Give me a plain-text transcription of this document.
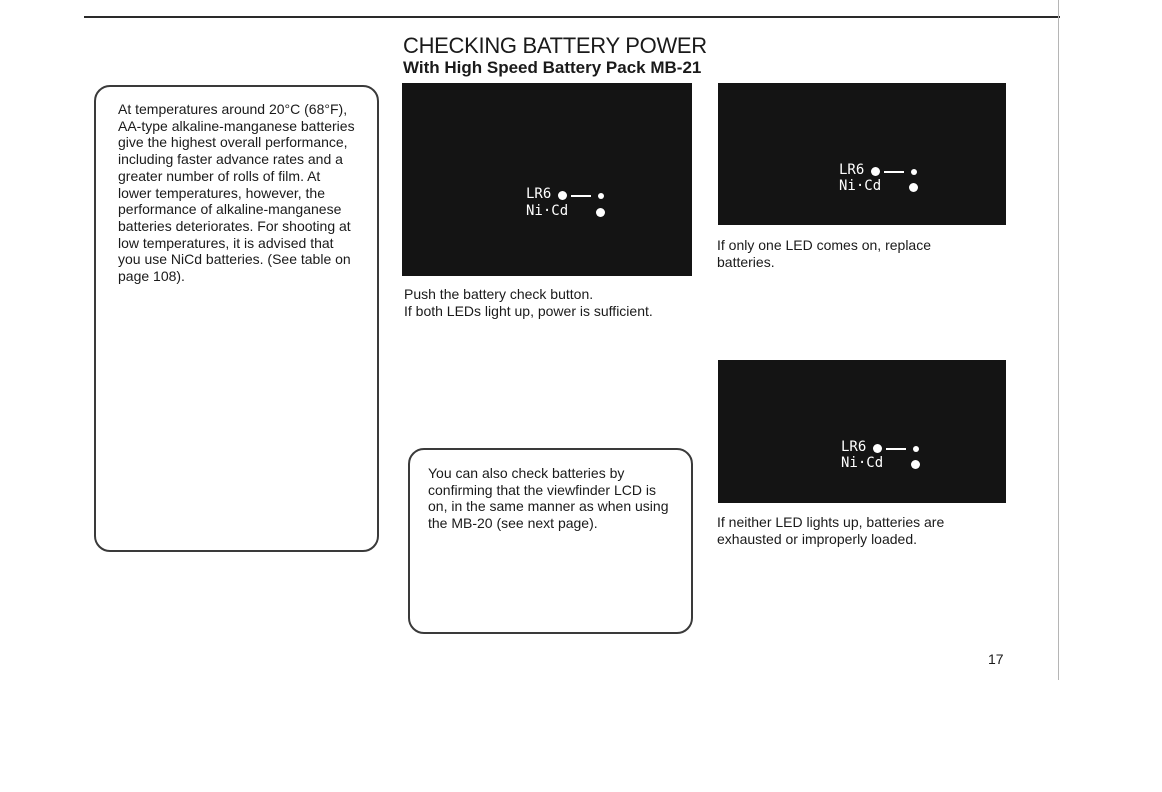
CHECKING BATTERY POWER
With High Speed Battery Pack MB-21

At temperatures around 20°C (68°F), AA-type alkaline-manganese batteries give the highest overall performance, including faster advance rates and a greater number of rolls of film. At lower temperatures, however, the performance of alkaline-manganese batteries deteriorates. For shooting at low temperatures, it is advised that you use NiCd batteries. (See table on page 108).

LR6
Ni·Cd

Push the battery check button.
If both LEDs light up, power is sufficient.

LR6
Ni·Cd

If only one LED comes on, replace batteries.

LR6
Ni·Cd

If neither LED lights up, batteries are exhausted or improperly loaded.

You can also check batteries by confirming that the viewfinder LCD is on, in the same manner as when using the MB-20 (see next page).

17
